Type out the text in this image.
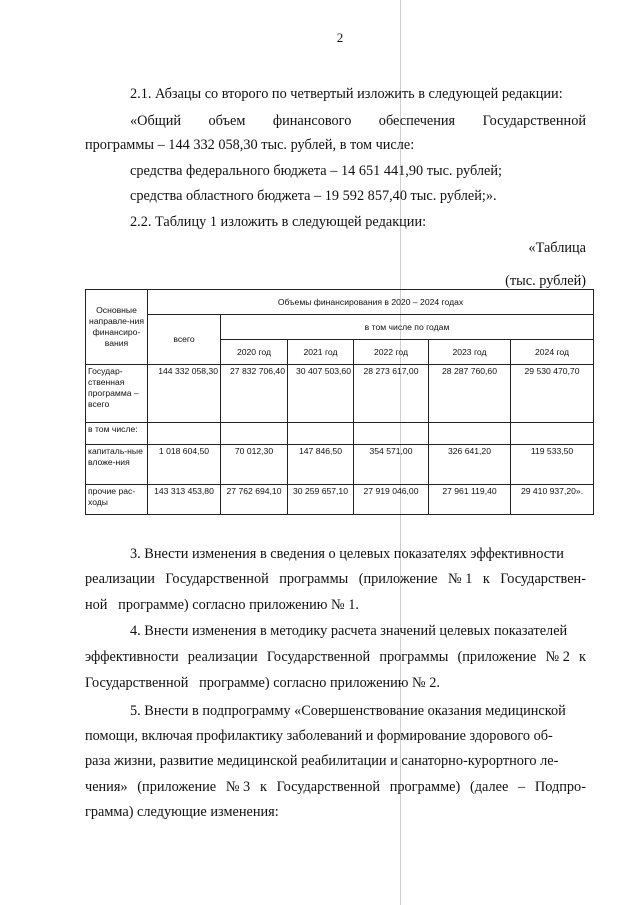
2
2.1. Абзацы со второго по четвертый изложить в следующей редакции:
«Общий объем финансового обеспечения Государственной
программы – 144 332 058,30 тыс. рублей, в том числе:
средства федерального бюджета – 14 651 441,90 тыс. рублей;
средства областного бюджета – 19 592 857,40 тыс. рублей;».
2.2. Таблицу 1 изложить в следующей редакции:
«Таблица
(тыс. рублей)
Основные направле-ния финансиро-вания	Объемы финансирования в 2020 – 2024 годах					
	всего	в том числе по годам				
		2020 год	2021 год	2022 год	2023 год	2024 год
Государ-ственная программа – всего	144 332 058,30	27 832 706,40	30 407 503,60	28 273 617,00	28 287 760,60	29 530 470,70
в том числе:						
капиталь-ные вложе-ния	1 018 604,50	70 012,30	147 846,50	354 571,00	326 641,20	119 533,50
прочие рас-ходы	143 313 453,80	27 762 694,10	30 259 657,10	27 919 046,00	27 961 119,40	29 410 937,20».
3. Внести изменения в сведения о целевых показателях эффективности
реализации Государственной программы (приложение № 1 к Государствен-
ной   программе) согласно приложению № 1.
4. Внести изменения в методику расчета значений целевых показателей
эффективности реализации Государственной программы (приложение № 2 к
Государственной   программе) согласно приложению № 2.
5. Внести в подпрограмму «Совершенствование оказания медицинской
помощи, включая профилактику заболеваний и формирование здорового об-
раза жизни, развитие медицинской реабилитации и санаторно-курортного ле-
чения» (приложение № 3 к Государственной программе) (далее – Подпро-
грамма) следующие изменения:
